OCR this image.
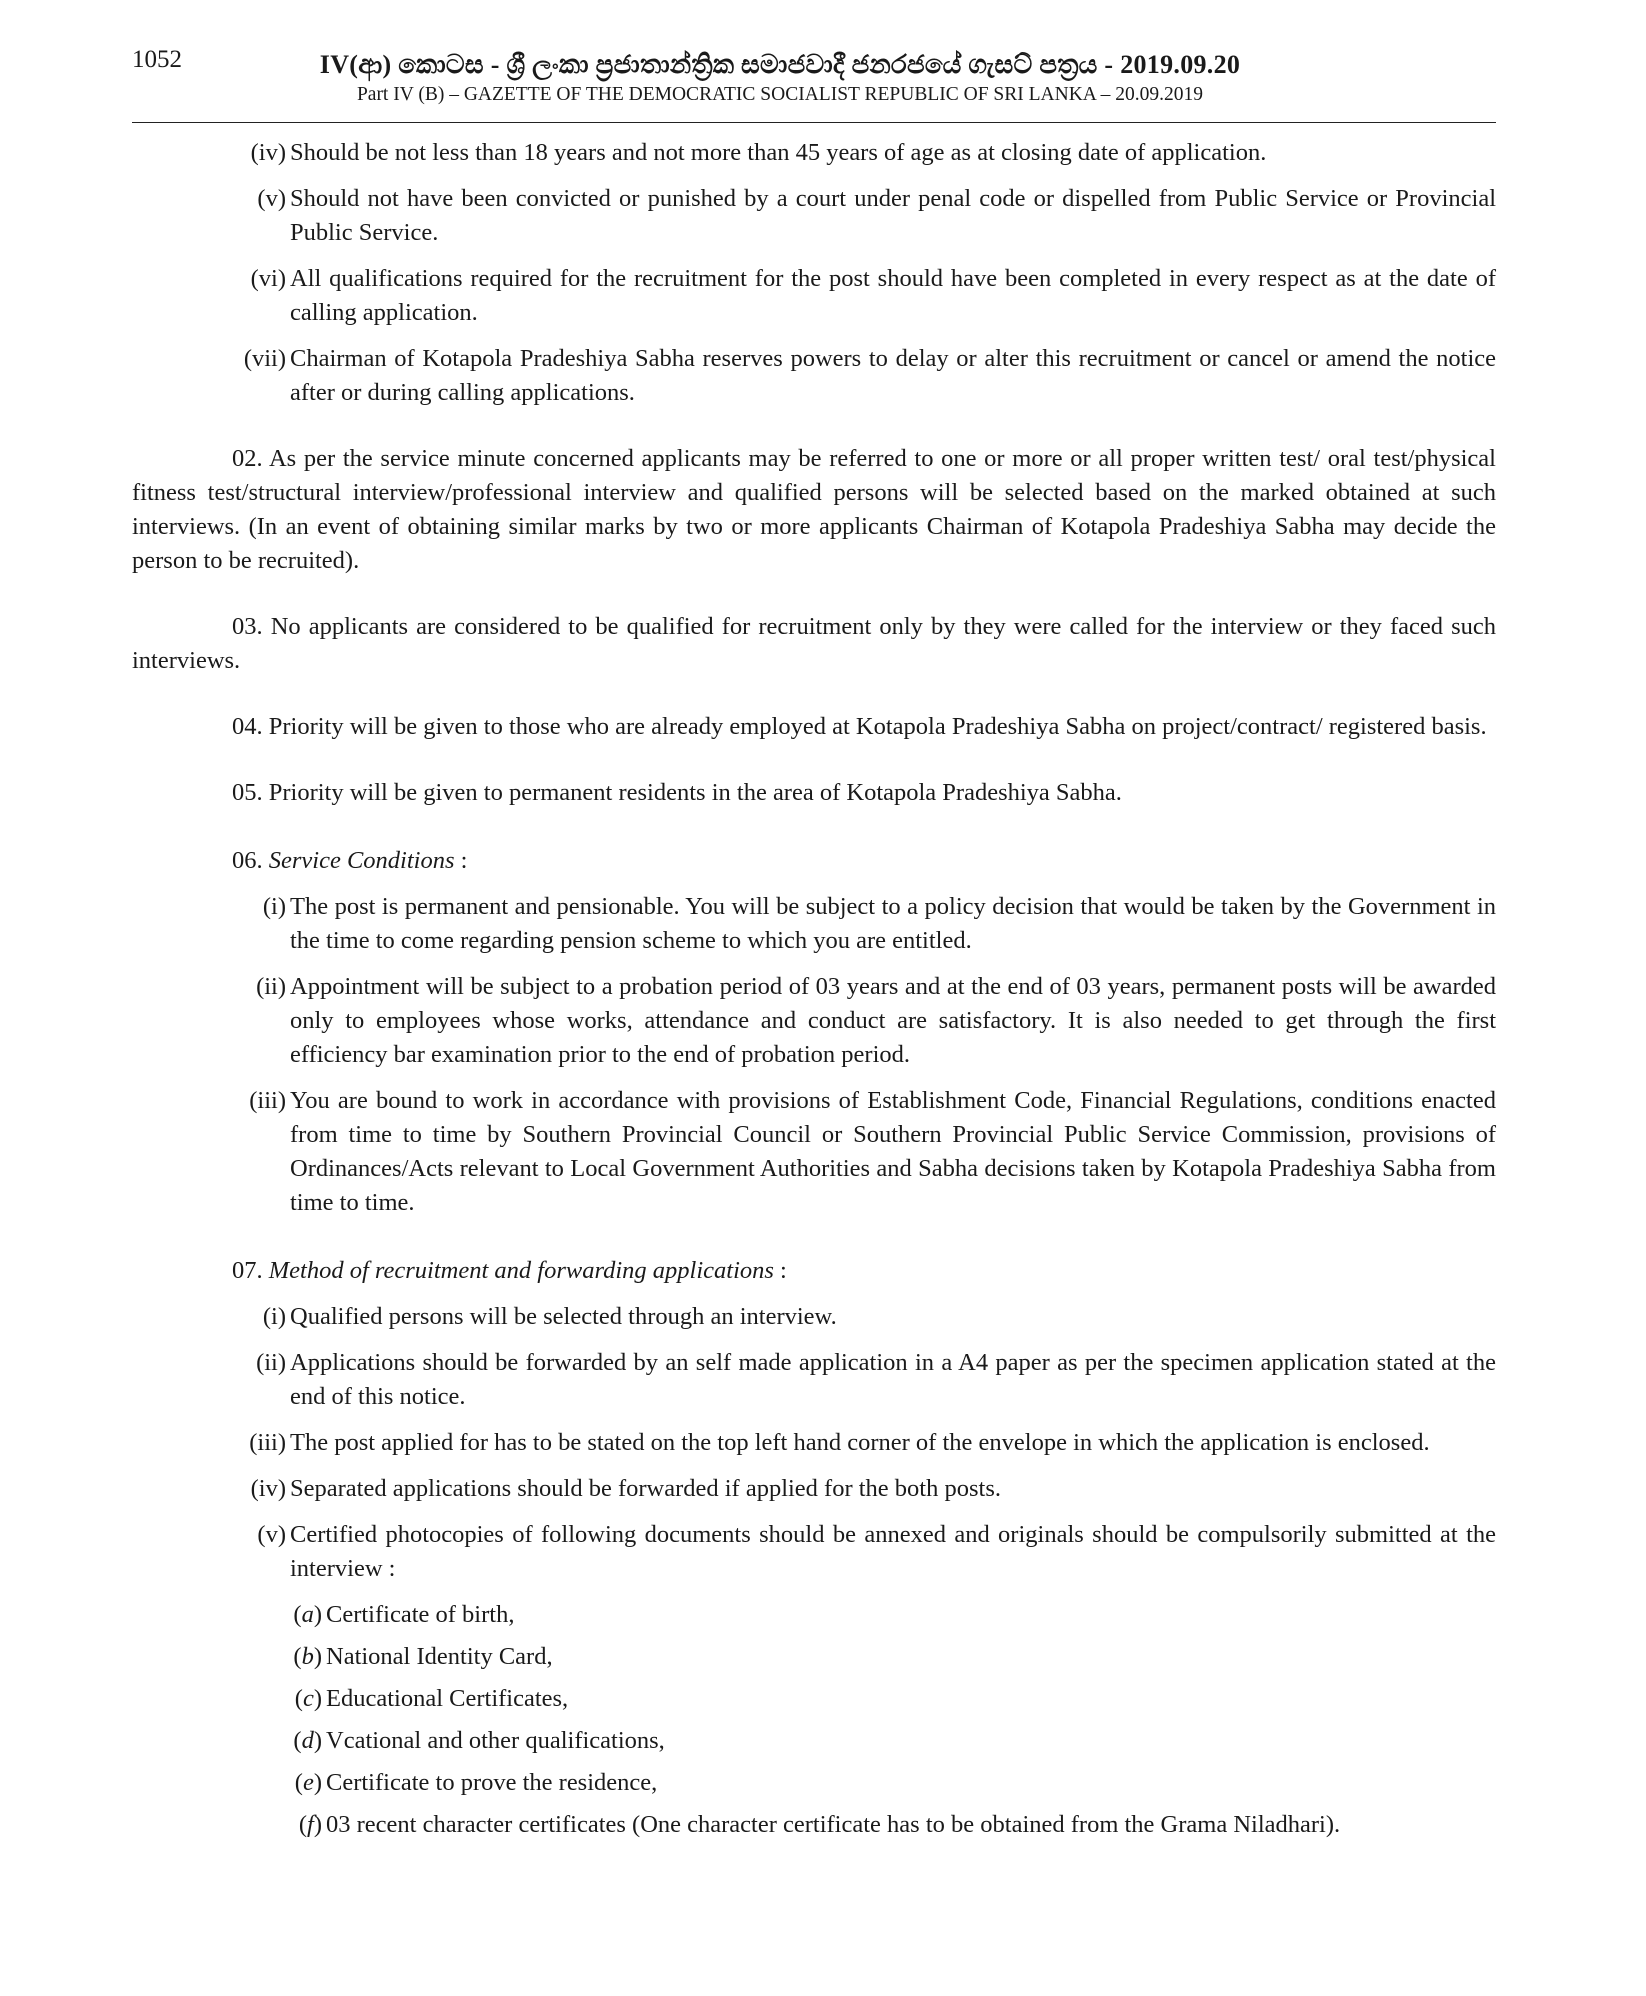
1052	IV(ආ) කොටස - ශ්‍රී ලංකා ප්‍රජාතාන්ත්‍රික සමාජවාදී ජනරජයේ ගැසට් පත්‍රය - 2019.09.20
Part IV (B) – GAZETTE OF THE DEMOCRATIC SOCIALIST REPUBLIC OF SRI LANKA – 20.09.2019
(iv) Should be not less than 18 years and not more than 45 years of age as at closing date of application.
(v) Should not have been convicted or punished by a court under penal code or dispelled from Public Service or Provincial Public Service.
(vi) All qualifications required for the recruitment for the post should have been completed in every respect as at the date of calling application.
(vii) Chairman of Kotapola Pradeshiya Sabha reserves powers to delay or alter this recruitment or cancel or amend the notice after or during calling applications.

02. As per the service minute concerned applicants may be referred to one or more or all proper written test/ oral test/physical fitness test/structural interview/professional interview and qualified persons will be selected based on the marked obtained at such interviews. (In an event of obtaining similar marks by two or more applicants Chairman of Kotapola Pradeshiya Sabha may decide the person to be recruited).

03. No applicants are considered to be qualified for recruitment only by they were called for the interview or they faced such interviews.

04. Priority will be given to those who are already employed at Kotapola Pradeshiya Sabha on project/contract/ registered basis.

05. Priority will be given to permanent residents in the area of Kotapola Pradeshiya Sabha.

06. Service Conditions :
(i) The post is permanent and pensionable. You will be subject to a policy decision that would be taken by the Government in the time to come regarding pension scheme to which you are entitled.
(ii) Appointment will be subject to a probation period of 03 years and at the end of 03 years, permanent posts will be awarded only to employees whose works, attendance and conduct are satisfactory. It is also needed to get through the first efficiency bar examination prior to the end of probation period.
(iii) You are bound to work in accordance with provisions of Establishment Code, Financial Regulations, conditions enacted from time to time by Southern Provincial Council or Southern Provincial Public Service Commission, provisions of Ordinances/Acts relevant to Local Government Authorities and Sabha decisions taken by Kotapola Pradeshiya Sabha from time to time.
07. Method of recruitment and forwarding applications :
(i) Qualified persons will be selected through an interview.
(ii) Applications should be forwarded by an self made application in a A4 paper as per the specimen application stated at the end of this notice.
(iii) The post applied for has to be stated on the top left hand corner of the envelope in which the application is enclosed.
(iv) Separated applications should be forwarded if applied for the both posts.
(v) Certified photocopies of following documents should be annexed and originals should be compulsorily submitted at the interview :
(a) Certificate of birth,
(b) National Identity Card,
(c) Educational Certificates,
(d) Vcational and other qualifications,
(e) Certificate to prove the residence,
(f) 03 recent character certificates (One character certificate has to be obtained from the Grama Niladhari).
